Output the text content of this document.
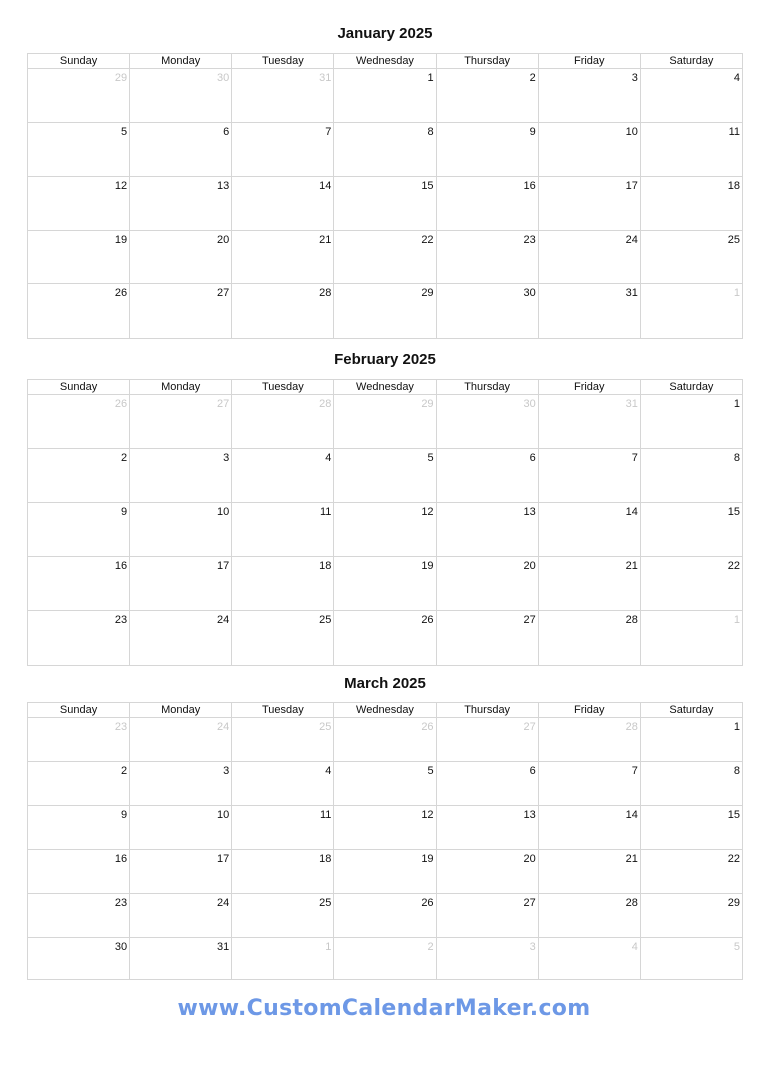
January 2025
Sunday	Monday	Tuesday	Wednesday	Thursday	Friday	Saturday

29	30	31	1	2	3	4

5	6	7	8	9	10	11

12	13	14	15	16	17	18

19	20	21	22	23	24	25

26	27	28	29	30	31	1
February 2025
Sunday	Monday	Tuesday	Wednesday	Thursday	Friday	Saturday

26	27	28	29	30	31	1

2	3	4	5	6	7	8

9	10	11	12	13	14	15

16	17	18	19	20	21	22

23	24	25	26	27	28	1
March 2025
Sunday	Monday	Tuesday	Wednesday	Thursday	Friday	Saturday

23	24	25	26	27	28	1

2	3	4	5	6	7	8

9	10	11	12	13	14	15

16	17	18	19	20	21	22

23	24	25	26	27	28	29

30	31	1	2	3	4	5
www.CustomCalendarMaker.com
